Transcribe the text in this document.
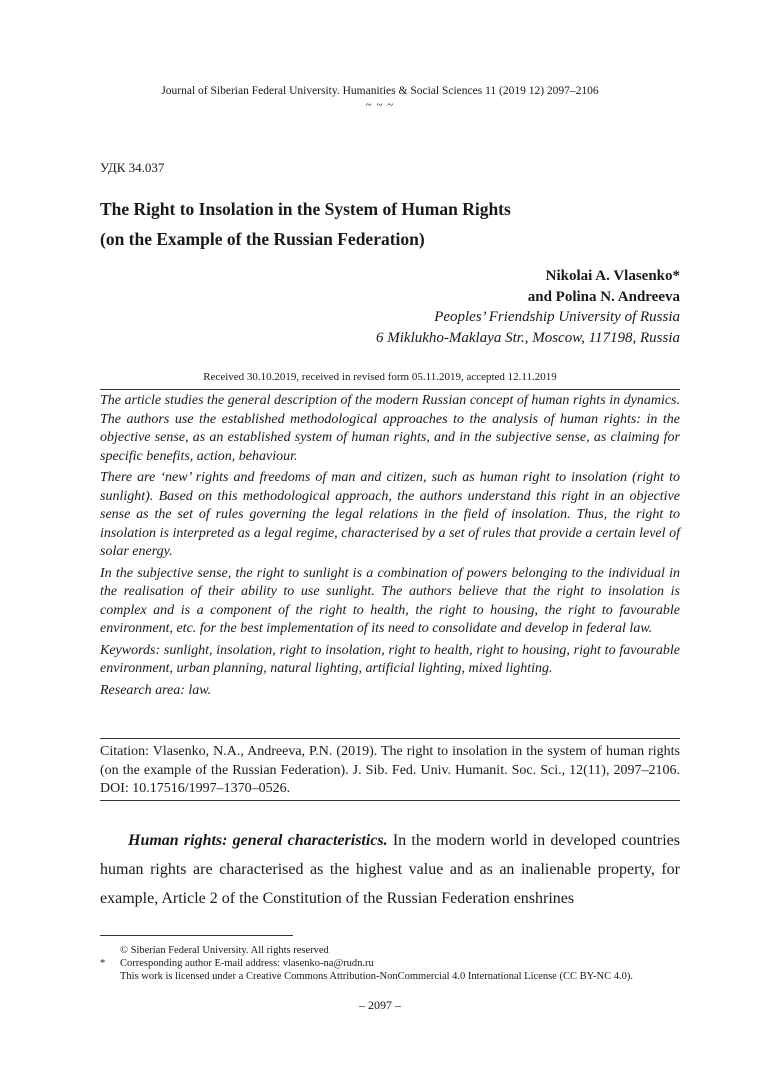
Journal of Siberian Federal University. Humanities & Social Sciences 11 (2019 12) 2097–2106
~ ~ ~
УДК 34.037
The Right to Insolation in the System of Human Rights
(on the Example of the Russian Federation)
Nikolai A. Vlasenko*
and Polina N. Andreeva
Peoples’ Friendship University of Russia
6 Miklukho-Maklaya Str., Moscow, 117198, Russia
Received 30.10.2019, received in revised form 05.11.2019, accepted 12.11.2019

The article studies the general description of the modern Russian concept of human rights in dynamics. The authors use the established methodological approaches to the analysis of human rights: in the objective sense, as an established system of human rights, and in the subjective sense, as claiming for specific benefits, action, behaviour.

There are ‘new’ rights and freedoms of man and citizen, such as human right to insolation (right to sunlight). Based on this methodological approach, the authors understand this right in an objective sense as the set of rules governing the legal relations in the field of insolation. Thus, the right to insolation is interpreted as a legal regime, characterised by a set of rules that provide a certain level of solar energy.

In the subjective sense, the right to sunlight is a combination of powers belonging to the individual in the realisation of their ability to use sunlight. The authors believe that the right to insolation is complex and is a component of the right to health, the right to housing, the right to favourable environment, etc. for the best implementation of its need to consolidate and develop in federal law.

Keywords: sunlight, insolation, right to insolation, right to health, right to housing, right to favourable environment, urban planning, natural lighting, artificial lighting, mixed lighting.

Research area: law.

Citation: Vlasenko, N.A., Andreeva, P.N. (2019). The right to insolation in the system of human rights (on the example of the Russian Federation). J. Sib. Fed. Univ. Humanit. Soc. Sci., 12(11), 2097–2106. DOI: 10.17516/1997–1370–0526.
Human rights: general characteristics. In the modern world in developed countries human rights are characterised as the highest value and as an inalienable property, for example, Article 2 of the Constitution of the Russian Federation enshrines
© Siberian Federal University. All rights reserved
* Corresponding author E-mail address: vlasenko-na@rudn.ru
This work is licensed under a Creative Commons Attribution-NonCommercial 4.0 International License (CC BY-NC 4.0).
– 2097 –
